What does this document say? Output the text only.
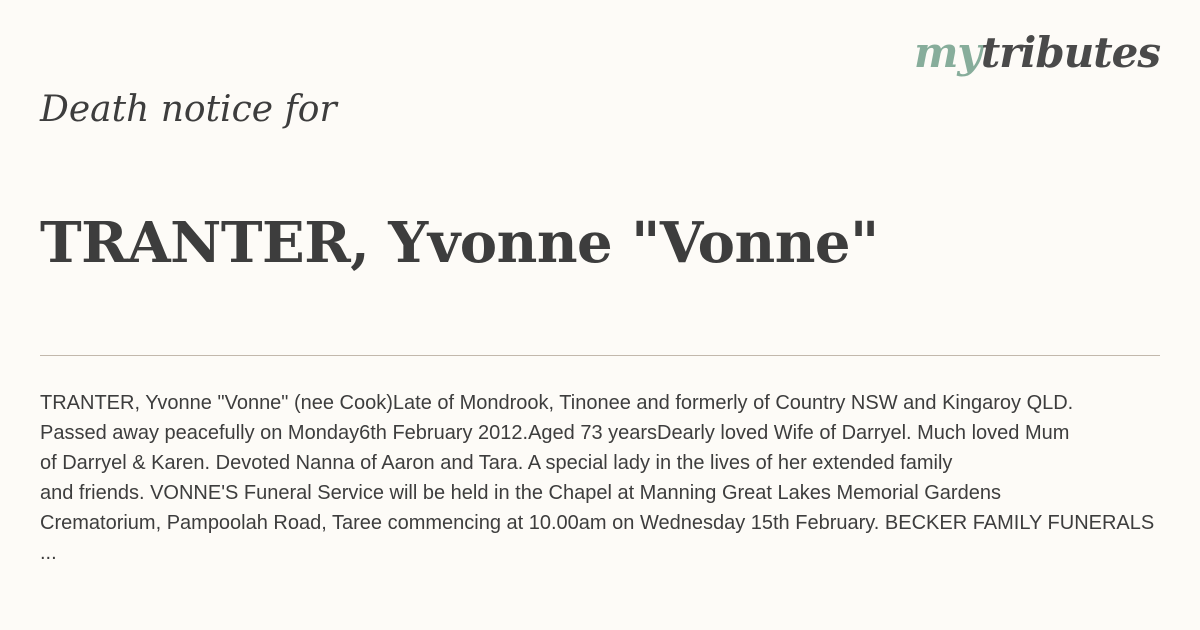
mytributes
Death notice for
TRANTER, Yvonne "Vonne"

TRANTER, Yvonne "Vonne" (nee Cook)Late of Mondrook, Tinonee and formerly of Country NSW and Kingaroy QLD.

Passed away peacefully on Monday6th February 2012.Aged 73 yearsDearly loved Wife of Darryel. Much loved Mum

of Darryel & Karen. Devoted Nanna of Aaron and Tara. A special lady in the lives of her extended family

and friends. VONNE'S Funeral Service will be held in the Chapel at Manning Great Lakes Memorial Gardens

Crematorium, Pampoolah Road, Taree commencing at 10.00am on Wednesday 15th February. BECKER FAMILY FUNERALS

...
